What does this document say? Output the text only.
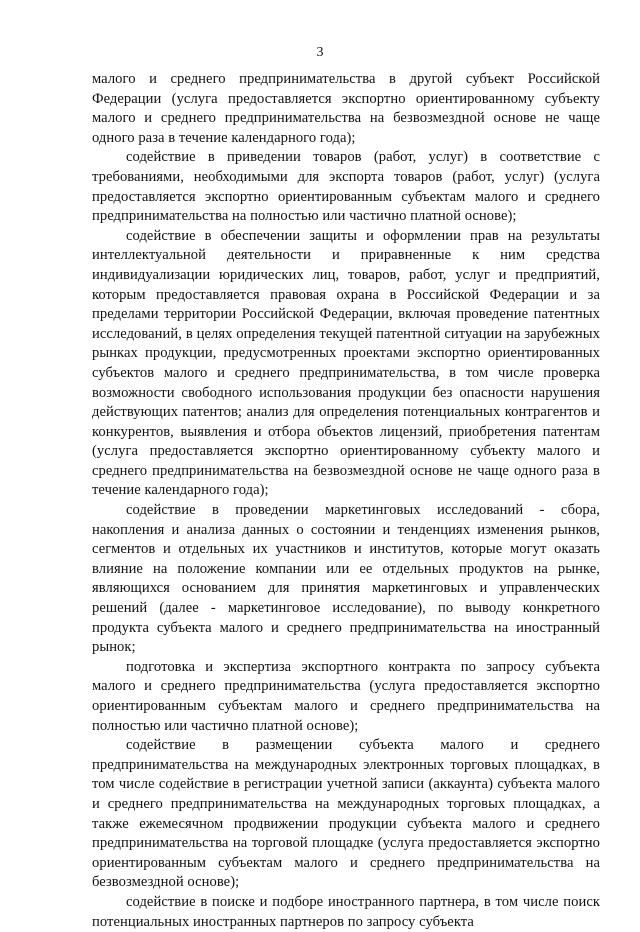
3

малого и среднего предпринимательства в другой субъект Российской Федерации (услуга предоставляется экспортно ориентированному субъекту малого и среднего предпринимательства на безвозмездной основе не чаще одного раза в течение календарного года);

содействие в приведении товаров (работ, услуг) в соответствие с требованиями, необходимыми для экспорта товаров (работ, услуг) (услуга предоставляется экспортно ориентированным субъектам малого и среднего предпринимательства на полностью или частично платной основе);

содействие в обеспечении защиты и оформлении прав на результаты интеллектуальной деятельности и приравненные к ним средства индивидуализации юридических лиц, товаров, работ, услуг и предприятий, которым предоставляется правовая охрана в Российской Федерации и за пределами территории Российской Федерации, включая проведение патентных исследований, в целях определения текущей патентной ситуации на зарубежных рынках продукции, предусмотренных проектами экспортно ориентированных субъектов малого и среднего предпринимательства, в том числе проверка возможности свободного использования продукции без опасности нарушения действующих патентов; анализ для определения потенциальных контрагентов и конкурентов, выявления и отбора объектов лицензий, приобретения патентам (услуга предоставляется экспортно ориентированному субъекту малого и среднего предпринимательства на безвозмездной основе не чаще одного раза в течение календарного года);

содействие в проведении маркетинговых исследований - сбора, накопления и анализа данных о состоянии и тенденциях изменения рынков, сегментов и отдельных их участников и институтов, которые могут оказать влияние на положение компании или ее отдельных продуктов на рынке, являющихся основанием для принятия маркетинговых и управленческих решений (далее - маркетинговое исследование), по выводу конкретного продукта субъекта малого и среднего предпринимательства на иностранный рынок;

подготовка и экспертиза экспортного контракта по запросу субъекта малого и среднего предпринимательства (услуга предоставляется экспортно ориентированным субъектам малого и среднего предпринимательства на полностью или частично платной основе);

содействие в размещении субъекта малого и среднего предпринимательства на международных электронных торговых площадках, в том числе содействие в регистрации учетной записи (аккаунта) субъекта малого и среднего предпринимательства на международных торговых площадках, а также ежемесячном продвижении продукции субъекта малого и среднего предпринимательства на торговой площадке (услуга предоставляется экспортно ориентированным субъектам малого и среднего предпринимательства на безвозмездной основе);

содействие в поиске и подборе иностранного партнера, в том числе поиск потенциальных иностранных партнеров по запросу субъекта
